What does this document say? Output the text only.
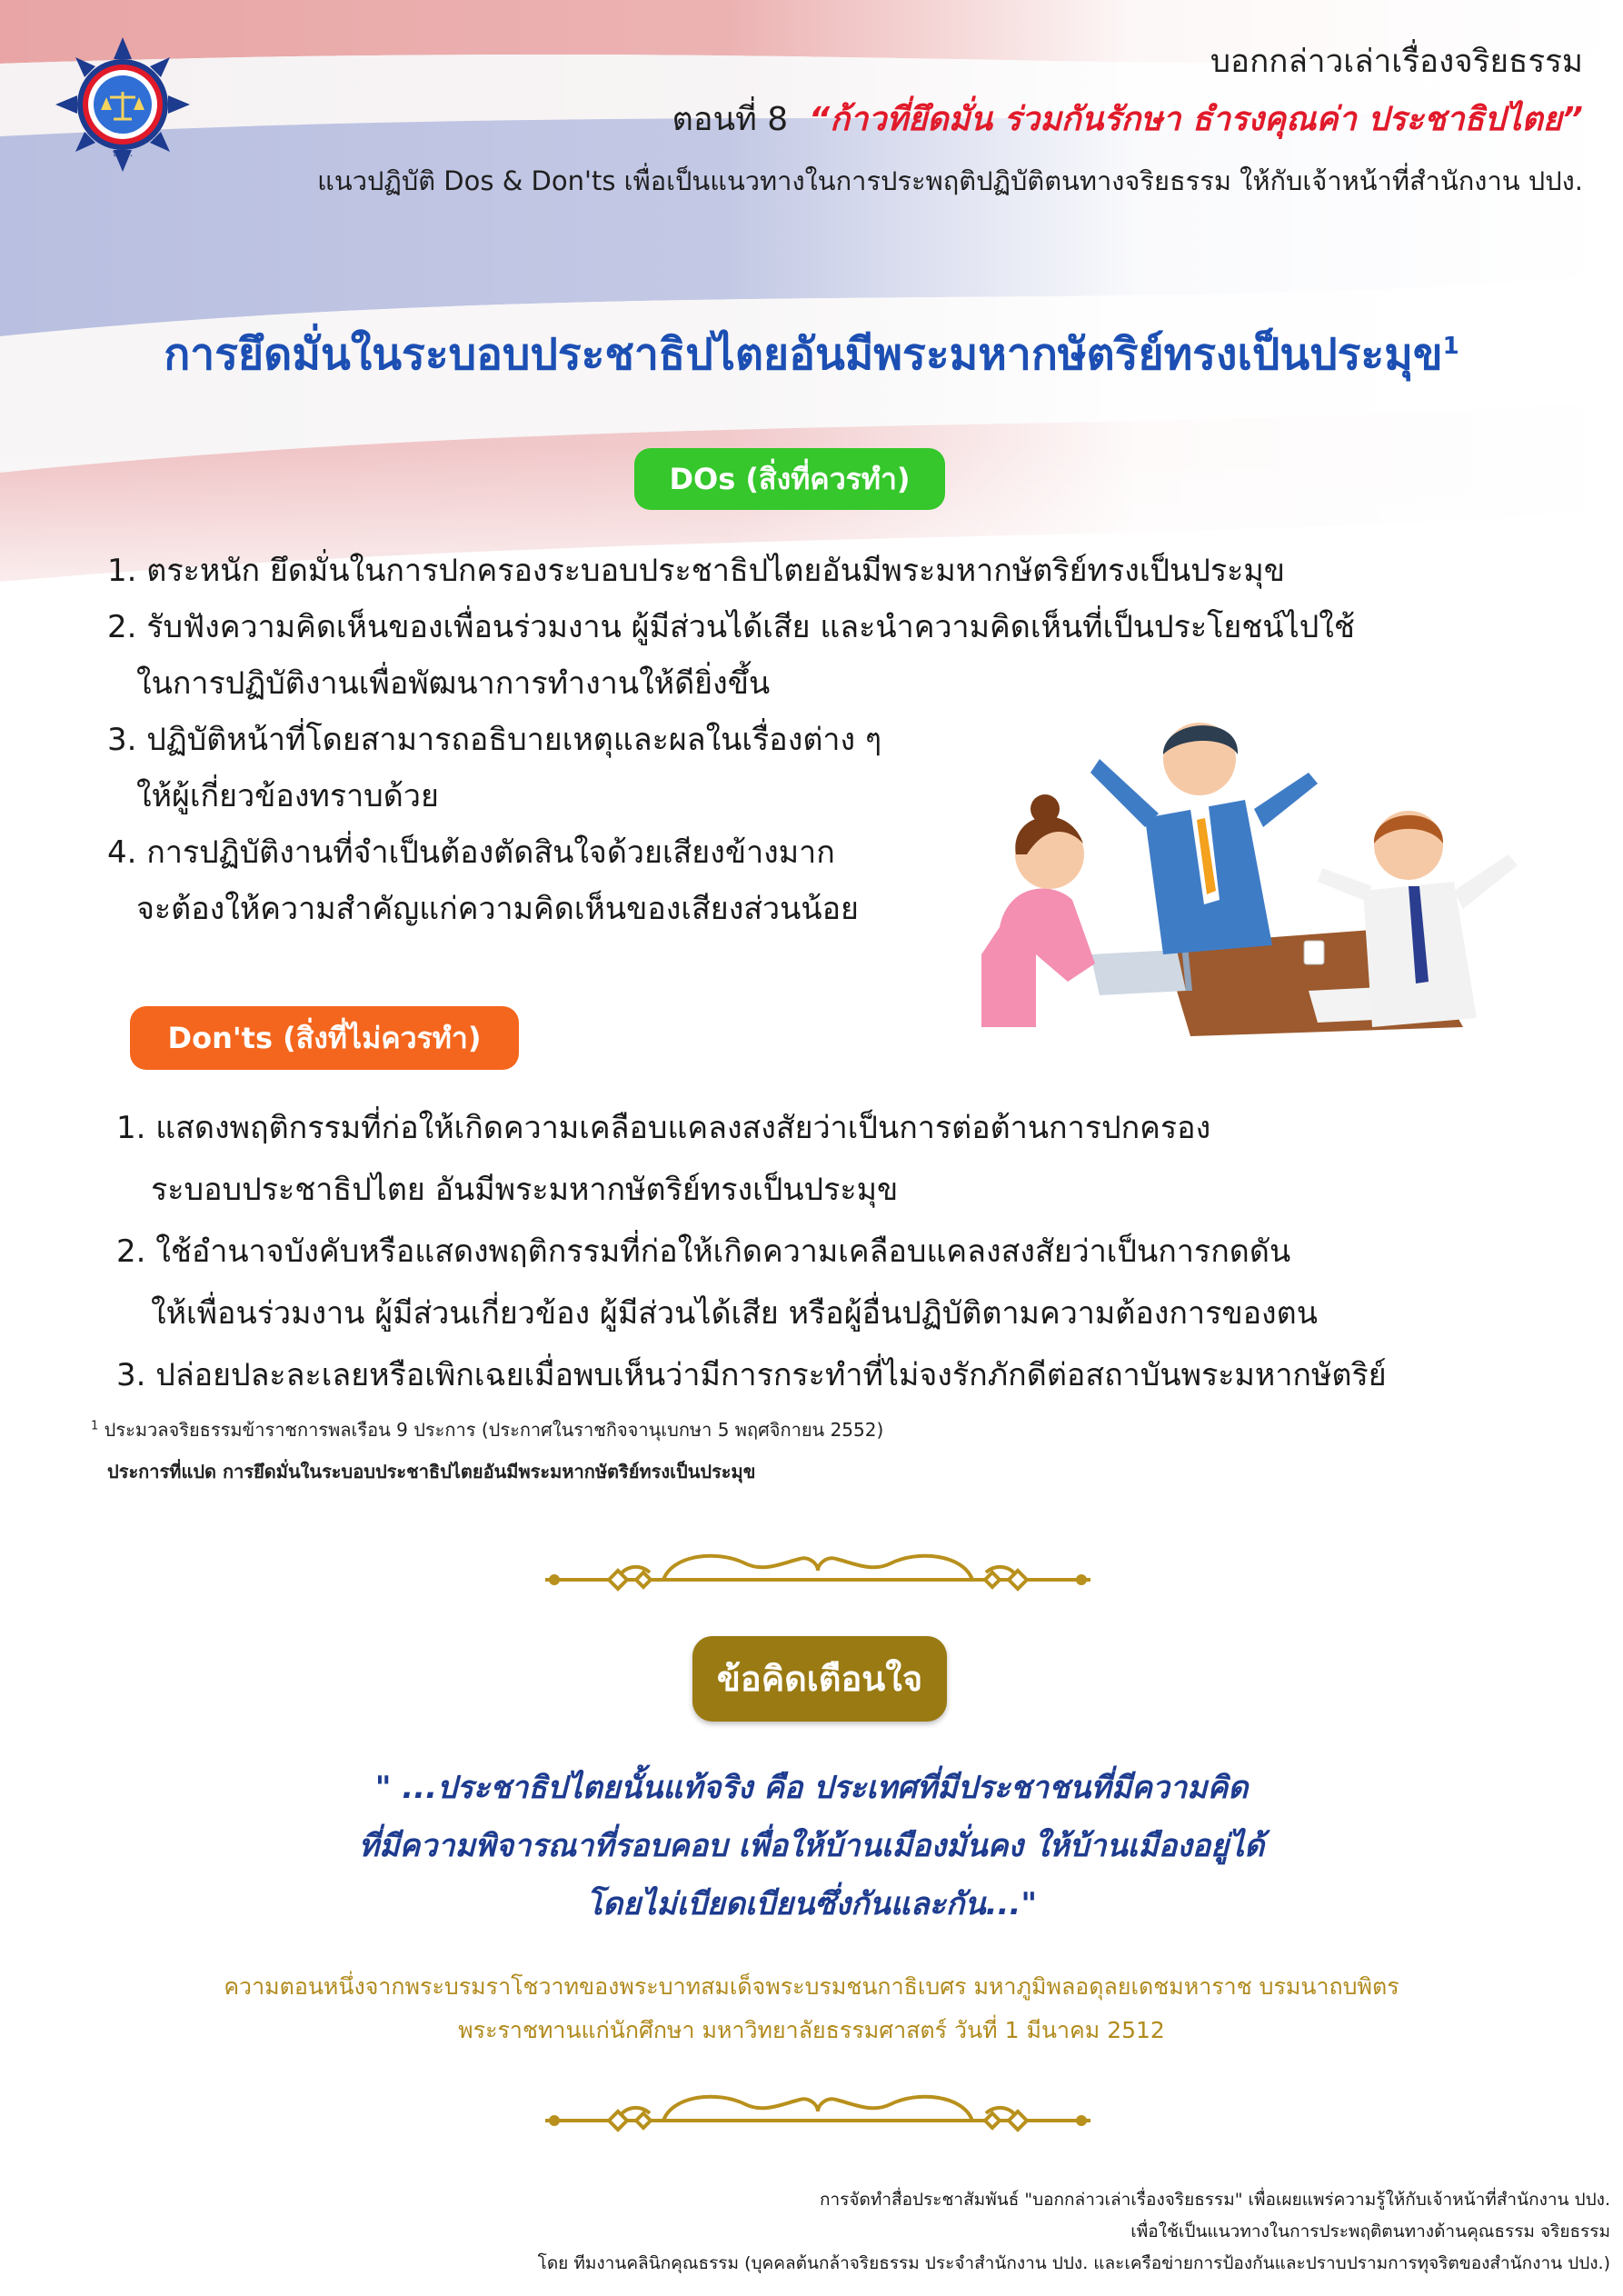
ปปง.
บอกกล่าวเล่าเรื่องจริยธรรม
ตอนที่ 8 “ก้าวที่ยึดมั่น ร่วมกันรักษา ธำรงคุณค่า ประชาธิปไตย”
แนวปฏิบัติ Dos & Don'ts เพื่อเป็นแนวทางในการประพฤติปฏิบัติตนทางจริยธรรม ให้กับเจ้าหน้าที่สำนักงาน ปปง.
การยึดมั่นในระบอบประชาธิปไตยอันมีพระมหากษัตริย์ทรงเป็นประมุข$^1$
DOs (สิ่งที่ควรทำ)
1. ตระหนัก ยึดมั่นในการปกครองระบอบประชาธิปไตยอันมีพระมหากษัตริย์ทรงเป็นประมุข
2. รับฟังความคิดเห็นของเพื่อนร่วมงาน ผู้มีส่วนได้เสีย และนำความคิดเห็นที่เป็นประโยชน์ไปใช้
ในการปฏิบัติงานเพื่อพัฒนาการทำงานให้ดียิ่งขึ้น
3. ปฏิบัติหน้าที่โดยสามารถอธิบายเหตุและผลในเรื่องต่าง ๆ
ให้ผู้เกี่ยวข้องทราบด้วย
4. การปฏิบัติงานที่จำเป็นต้องตัดสินใจด้วยเสียงข้างมาก
จะต้องให้ความสำคัญแก่ความคิดเห็นของเสียงส่วนน้อย
Don'ts (สิ่งที่ไม่ควรทำ)
1. แสดงพฤติกรรมที่ก่อให้เกิดความเคลือบแคลงสงสัยว่าเป็นการต่อต้านการปกครอง
ระบอบประชาธิปไตย อันมีพระมหากษัตริย์ทรงเป็นประมุข
2. ใช้อำนาจบังคับหรือแสดงพฤติกรรมที่ก่อให้เกิดความเคลือบแคลงสงสัยว่าเป็นการกดดัน
ให้เพื่อนร่วมงาน ผู้มีส่วนเกี่ยวข้อง ผู้มีส่วนได้เสีย หรือผู้อื่นปฏิบัติตามความต้องการของตน
3. ปล่อยปละละเลยหรือเพิกเฉยเมื่อพบเห็นว่ามีการกระทำที่ไม่จงรักภักดีต่อสถาบันพระมหากษัตริย์
$^1$ ประมวลจริยธรรมข้าราชการพลเรือน 9 ประการ (ประกาศในราชกิจจานุเบกษา 5 พฤศจิกายน 2552)
ประการที่แปด การยึดมั่นในระบอบประชาธิปไตยอันมีพระมหากษัตริย์ทรงเป็นประมุข
ข้อคิดเตือนใจ
" ...ประชาธิปไตยนั้นแท้จริง คือ ประเทศที่มีประชาชนที่มีความคิด
ที่มีความพิจารณาที่รอบคอบ เพื่อให้บ้านเมืองมั่นคง ให้บ้านเมืองอยู่ได้
โดยไม่เบียดเบียนซึ่งกันและกัน..."
ความตอนหนึ่งจากพระบรมราโชวาทของพระบาทสมเด็จพระบรมชนกาธิเบศร มหาภูมิพลอดุลยเดชมหาราช บรมนาถบพิตร
พระราชทานแก่นักศึกษา มหาวิทยาลัยธรรมศาสตร์ วันที่ 1 มีนาคม 2512
การจัดทำสื่อประชาสัมพันธ์ "บอกกล่าวเล่าเรื่องจริยธรรม" เพื่อเผยแพร่ความรู้ให้กับเจ้าหน้าที่สำนักงาน ปปง.
เพื่อใช้เป็นแนวทางในการประพฤติตนทางด้านคุณธรรม จริยธรรม
โดย ทีมงานคลินิกคุณธรรม (บุคคลต้นกล้าจริยธรรม ประจำสำนักงาน ปปง. และเครือข่ายการป้องกันและปราบปรามการทุจริตของสำนักงาน ปปง.)
